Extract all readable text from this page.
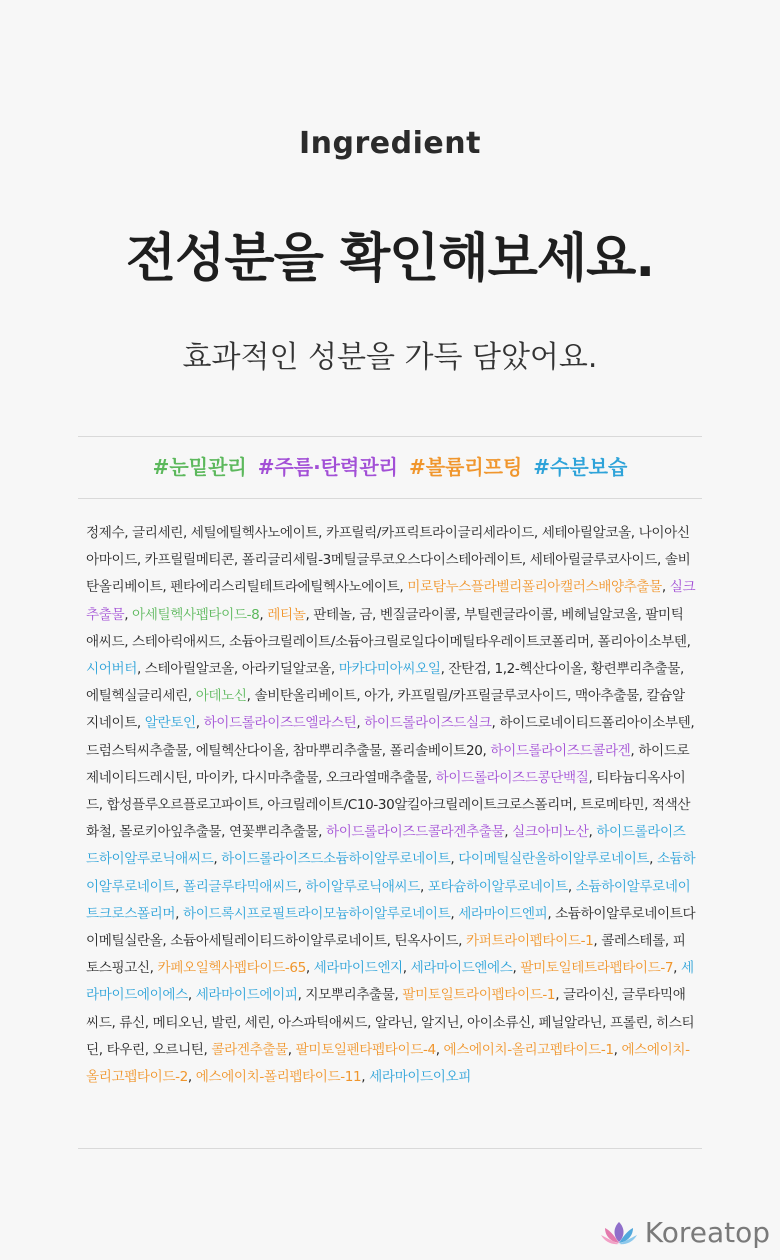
Ingredient
전성분을 확인해보세요.
효과적인 성분을 가득 담았어요.
#눈밑관리 #주름·탄력관리 #볼륨리프팅 #수분보습
정제수, 글리세린, 세틸에틸헥사노에이트, 카프릴릭/카프릭트라이글리세라이드, 세테아릴알코올, 나이아신아마이드, 카프릴릴메티콘, 폴리글리세릴-3메틸글루코오스다이스테아레이트, 세테아릴글루코사이드, 솔비탄올리베이트, 펜타에리스리틸테트라에틸헥사노에이트, 미로탐누스플라벨리폴리아캘러스배양추출물, 실크추출물, 아세틸헥사펩타이드-8, 레티놀, 판테놀, 금, 벤질글라이콜, 부틸렌글라이콜, 베헤닐알코올, 팔미틱애씨드, 스테아릭애씨드, 소듐아크릴레이트/소듐아크릴로일다이메틸타우레이트코폴리머, 폴리아이소부텐, 시어버터, 스테아릴알코올, 아라키딜알코올, 마카다미아씨오일, 잔탄검, 1,2-헥산다이올, 황련뿌리추출물, 에틸헥실글리세린, 아데노신, 솔비탄올리베이트, 아가, 카프릴릴/카프릴글루코사이드, 맥아추출물, 칼슘알지네이트, 알란토인, 하이드롤라이즈드엘라스틴, 하이드롤라이즈드실크, 하이드로네이티드폴리아이소부텐, 드럼스틱씨추출물, 에틸헥산다이올, 참마뿌리추출물, 폴리솔베이트20, 하이드롤라이즈드콜라겐, 하이드로제네이티드레시틴, 마이카, 다시마추출물, 오크라열매추출물, 하이드롤라이즈드콩단백질, 티타늄디옥사이드, 합성플루오르플로고파이트, 아크릴레이트/C10-30알킬아크릴레이트크로스폴리머, 트로메타민, 적색산화철, 몰로키아잎추출물, 연꽃뿌리추출물, 하이드롤라이즈드콜라겐추출물, 실크아미노산, 하이드롤라이즈드하이알루로닉애씨드, 하이드롤라이즈드소듐하이알루로네이트, 다이메틸실란올하이알루로네이트, 소듐하이알루로네이트, 폴리글루타믹애씨드, 하이알루로닉애씨드, 포타슘하이알루로네이트, 소듐하이알루로네이트크로스폴리머, 하이드록시프로필트라이모늄하이알루로네이트, 세라마이드엔피, 소듐하이알루로네이트다이메틸실란올, 소듐아세틸레이티드하이알루로네이트, 틴옥사이드, 카퍼트라이펩타이드-1, 콜레스테롤, 피토스핑고신, 카페오일헥사펩타이드-65, 세라마이드엔지, 세라마이드엔에스, 팔미토일테트라펩타이드-7, 세라마이드에이에스, 세라마이드에이피, 지모뿌리추출물, 팔미토일트라이펩타이드-1, 글라이신, 글루타믹애씨드, 류신, 메티오닌, 발린, 세린, 아스파틱애씨드, 알라닌, 알지닌, 아이소류신, 페닐알라닌, 프롤린, 히스티딘, 타우린, 오르니틴, 콜라겐추출물, 팔미토일펜타펩타이드-4, 에스에이치-올리고펩타이드-1, 에스에이치-올리고펩타이드-2, 에스에이치-폴리펩타이드-11, 세라마이드이오피
Koreatop
